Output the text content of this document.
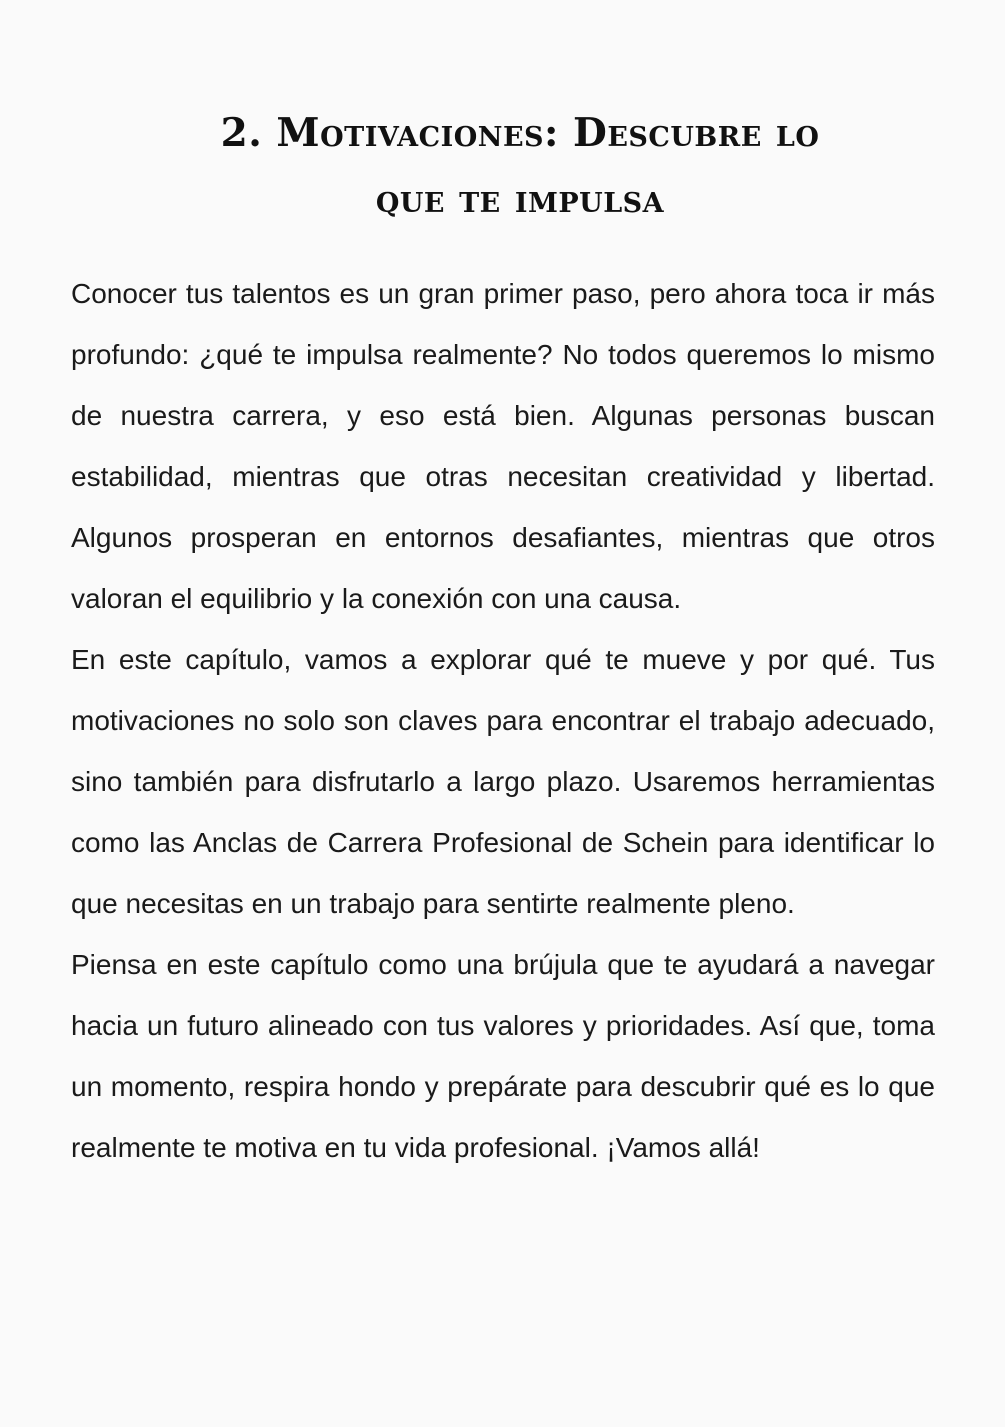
2. Motivaciones: Descubre lo
que te impulsa

Conocer tus talentos es un gran primer paso, pero ahora toca ir más profundo: ¿qué te impulsa realmente? No todos queremos lo mismo de nuestra carrera, y eso está bien. Algunas personas buscan estabilidad, mientras que otras necesitan creatividad y libertad. Algunos prosperan en entornos desafiantes, mientras que otros valoran el equilibrio y la conexión con una causa.

En este capítulo, vamos a explorar qué te mueve y por qué. Tus motivaciones no solo son claves para encontrar el trabajo adecuado, sino también para disfrutarlo a largo plazo. Usaremos herramientas como las Anclas de Carrera Profesional de Schein para identificar lo que necesitas en un trabajo para sentirte realmente pleno.

Piensa en este capítulo como una brújula que te ayudará a navegar hacia un futuro alineado con tus valores y prioridades. Así que, toma un momento, respira hondo y prepárate para descubrir qué es lo que realmente te motiva en tu vida profesional. ¡Vamos allá!
